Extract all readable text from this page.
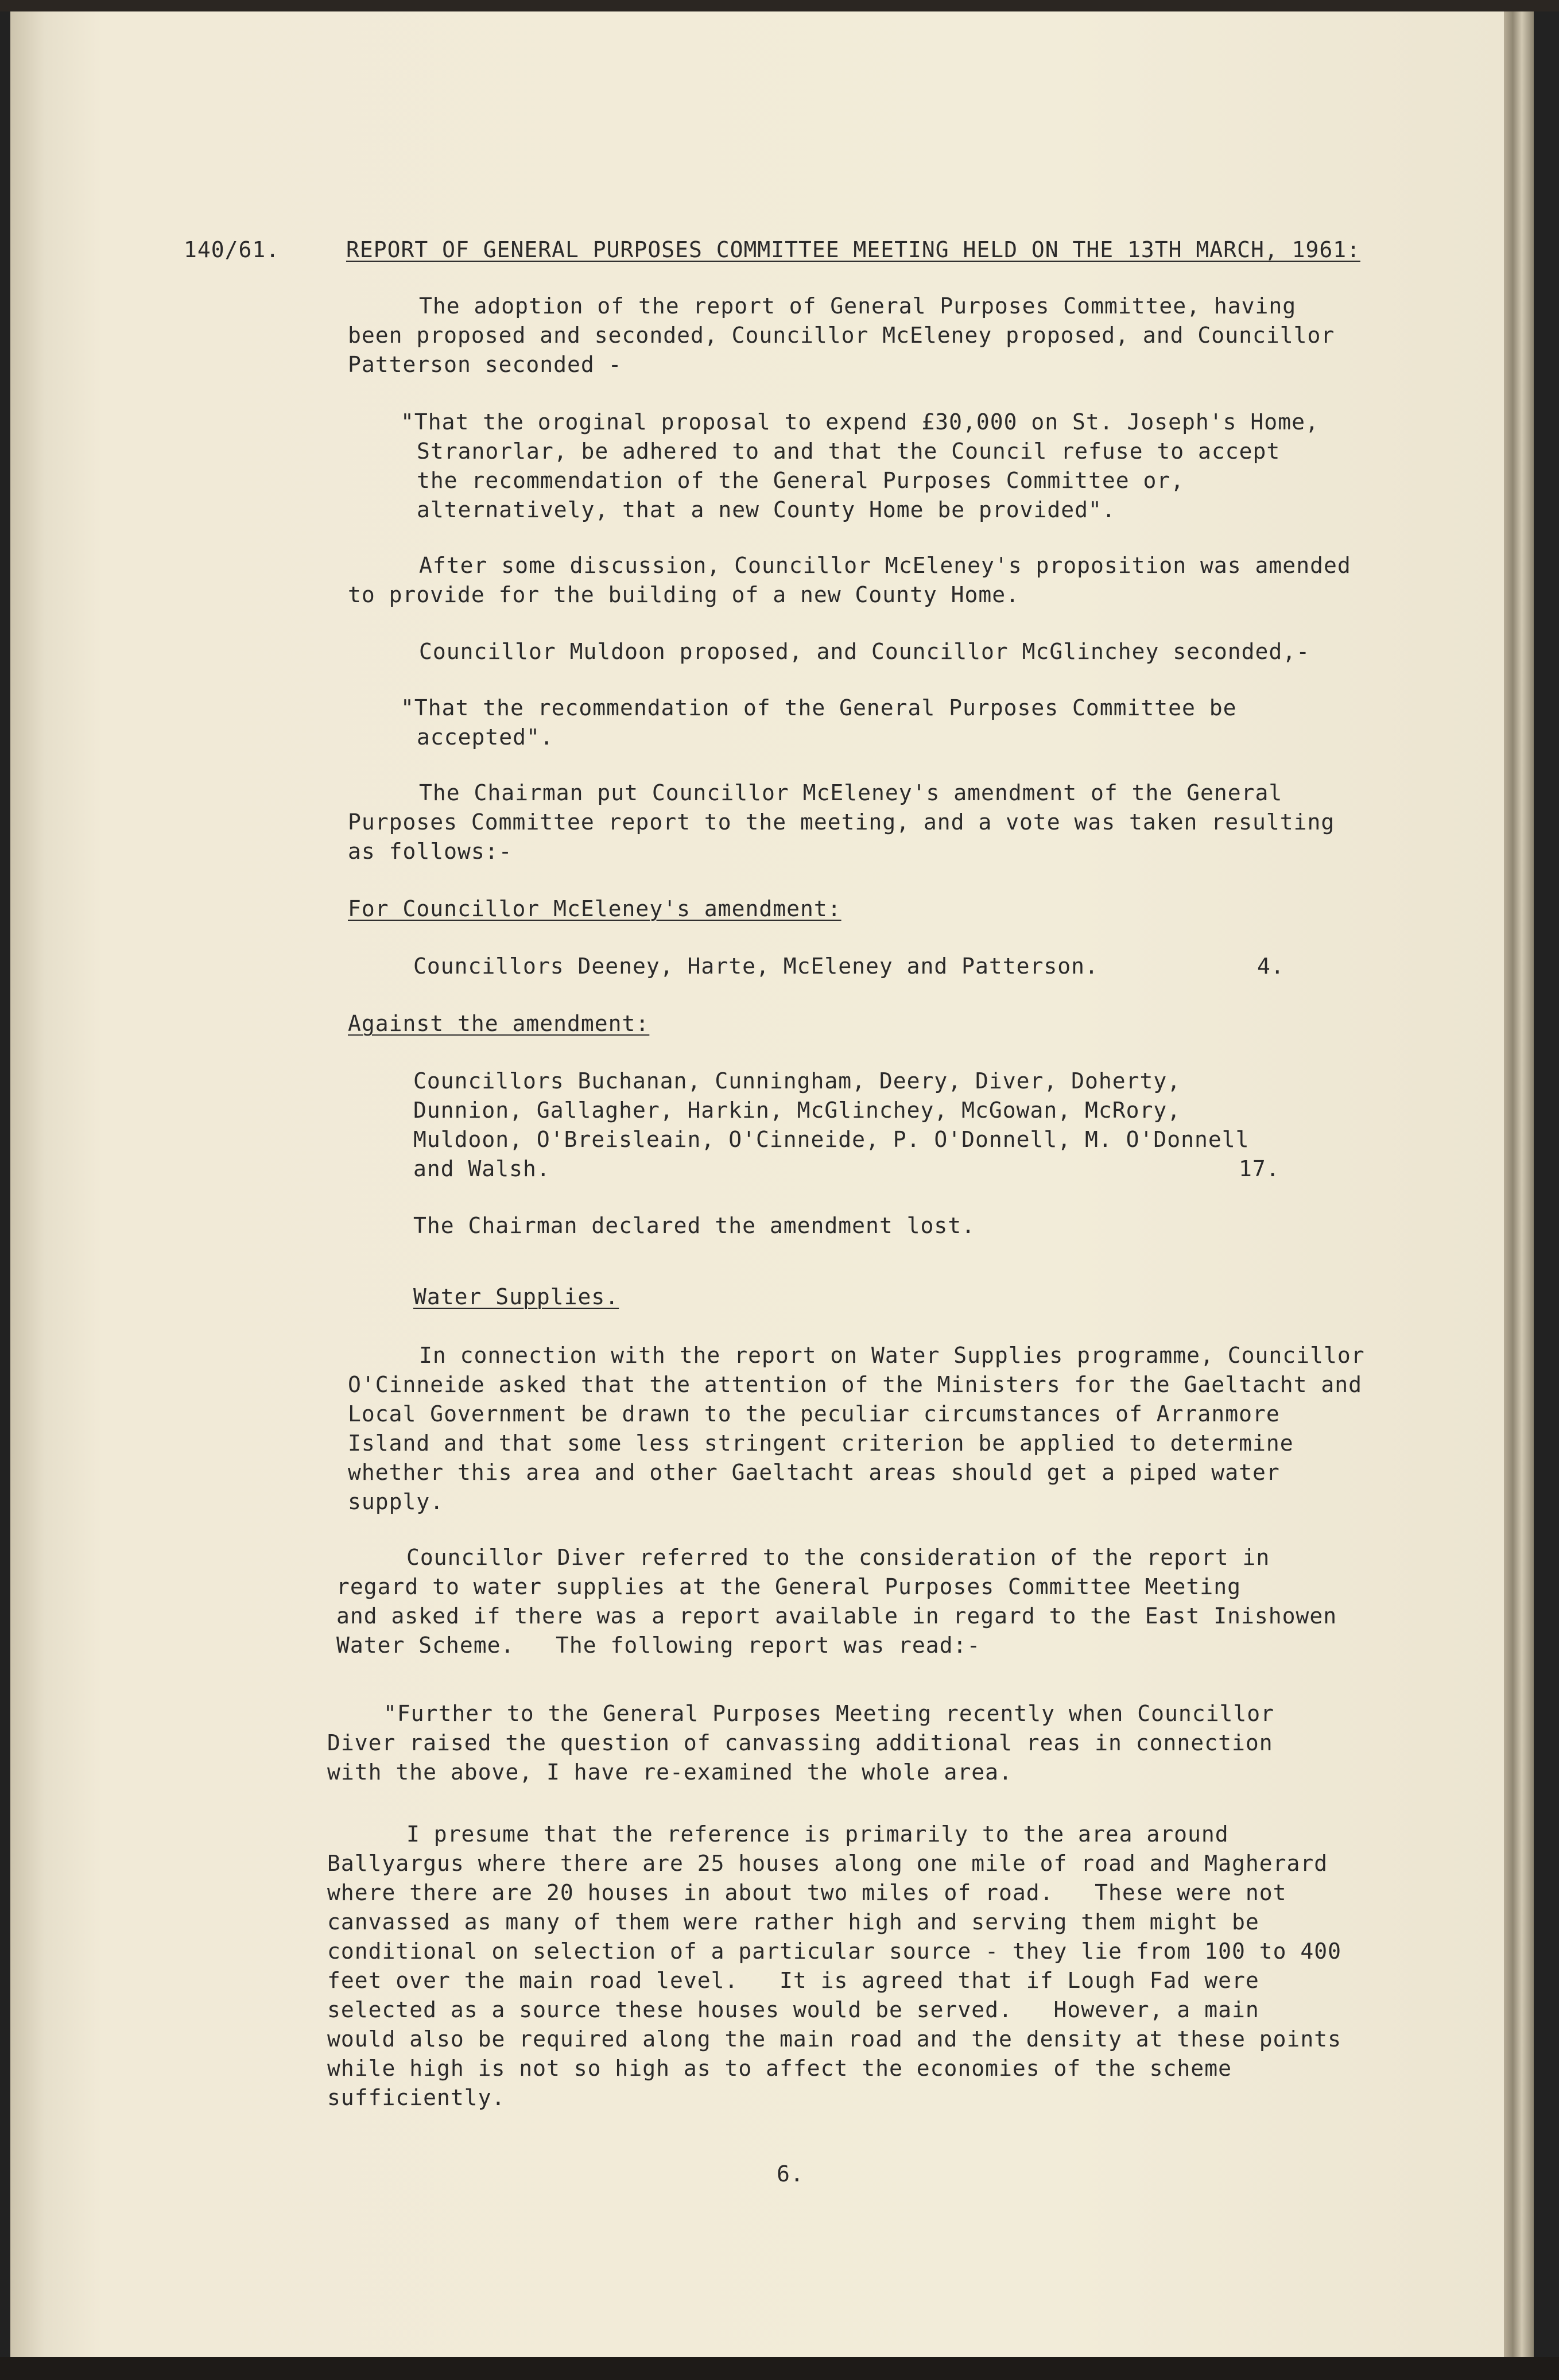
140/61.	REPORT OF GENERAL PURPOSES COMMITTEE MEETING HELD ON THE 13TH MARCH, 1961:

The adoption of the report of General Purposes Committee, having

been proposed and seconded, Councillor McEleney proposed, and Councillor

Patterson seconded -

"That the oroginal proposal to expend £30,000 on St. Joseph's Home,

Stranorlar, be adhered to and that the Council refuse to accept

the recommendation of the General Purposes Committee or,

alternatively, that a new County Home be provided".

After some discussion, Councillor McEleney's proposition was amended

to provide for the building of a new County Home.

Councillor Muldoon proposed, and Councillor McGlinchey seconded,-

"That the recommendation of the General Purposes Committee be

accepted".

The Chairman put Councillor McEleney's amendment of the General

Purposes Committee report to the meeting, and a vote was taken resulting

as follows:-

For Councillor McEleney's amendment:

Councillors Deeney, Harte, McEleney and Patterson.	4.

Against the amendment:

Councillors Buchanan, Cunningham, Deery, Diver, Doherty,

Dunnion, Gallagher, Harkin, McGlinchey, McGowan, McRory,

Muldoon, O'Breisleain, O'Cinneide, P. O'Donnell, M. O'Donnell

and Walsh.	17.

The Chairman declared the amendment lost.

Water Supplies.

In connection with the report on Water Supplies programme, Councillor

O'Cinneide asked that the attention of the Ministers for the Gaeltacht and

Local Government be drawn to the peculiar circumstances of Arranmore

Island and that some less stringent criterion be applied to determine

whether this area and other Gaeltacht areas should get a piped water

supply.

Councillor Diver referred to the consideration of the report in

regard to water supplies at the General Purposes Committee Meeting

and asked if there was a report available in regard to the East Inishowen

Water Scheme.   The following report was read:-

"Further to the General Purposes Meeting recently when Councillor

Diver raised the question of canvassing additional reas in connection

with the above, I have re-examined the whole area.

I presume that the reference is primarily to the area around

Ballyargus where there are 25 houses along one mile of road and Magherard

where there are 20 houses in about two miles of road.   These were not

canvassed as many of them were rather high and serving them might be

conditional on selection of a particular source - they lie from 100 to 400

feet over the main road level.   It is agreed that if Lough Fad were

selected as a source these houses would be served.   However, a main

would also be required along the main road and the density at these points

while high is not so high as to affect the economies of the scheme

sufficiently.

6.
